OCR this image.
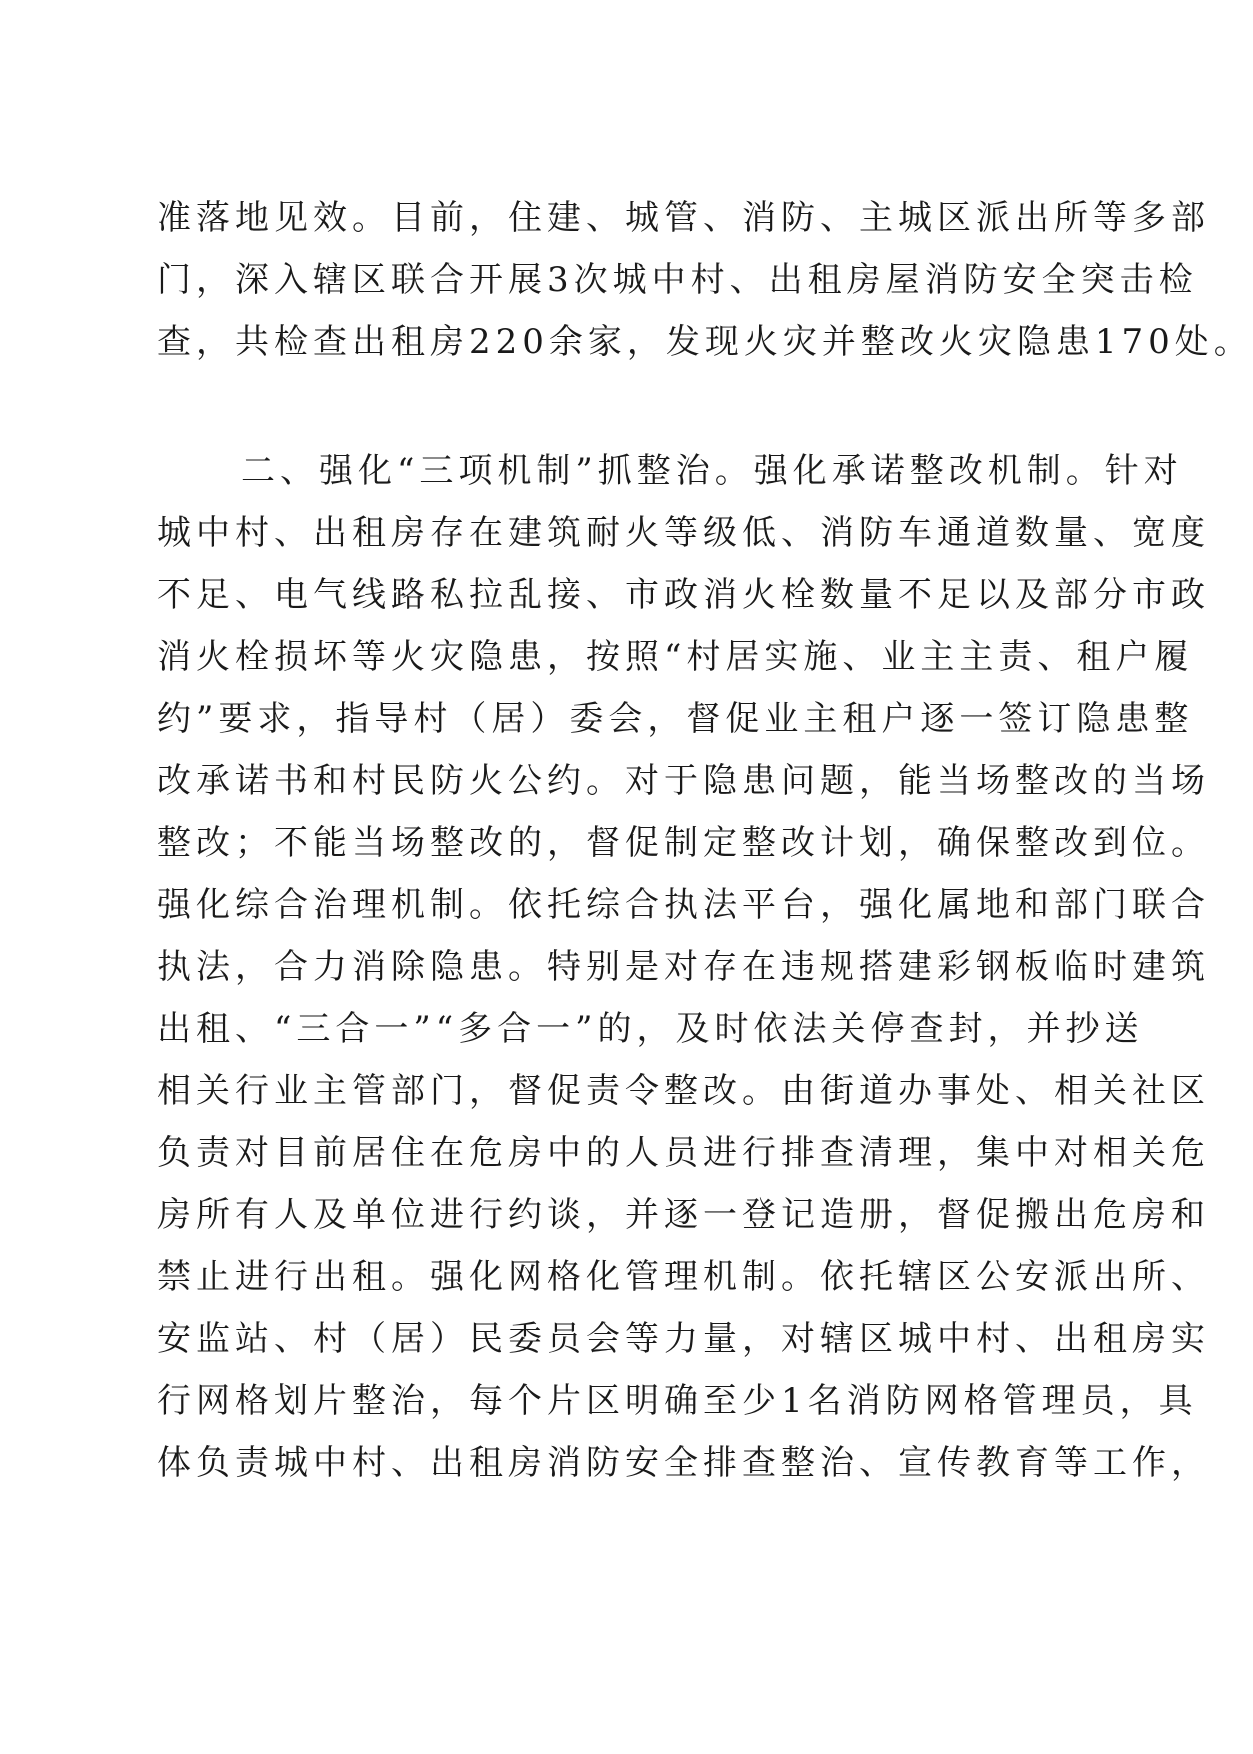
准落地见效。目前，住建、城管、消防、主城区派出所等多部
门，深入辖区联合开展3次城中村、出租房屋消防安全突击检
查，共检查出租房220余家，发现火灾并整改火灾隐患170处。
二、强化“三项机制”抓整治。强化承诺整改机制。针对
城中村、出租房存在建筑耐火等级低、消防车通道数量、宽度
不足、电气线路私拉乱接、市政消火栓数量不足以及部分市政
消火栓损坏等火灾隐患，按照“村居实施、业主主责、租户履
约”要求，指导村（居）委会，督促业主租户逐一签订隐患整
改承诺书和村民防火公约。对于隐患问题，能当场整改的当场
整改；不能当场整改的，督促制定整改计划，确保整改到位。
强化综合治理机制。依托综合执法平台，强化属地和部门联合
执法，合力消除隐患。特别是对存在违规搭建彩钢板临时建筑
出租、“三合一”“多合一”的，及时依法关停查封，并抄送
相关行业主管部门，督促责令整改。由街道办事处、相关社区
负责对目前居住在危房中的人员进行排查清理，集中对相关危
房所有人及单位进行约谈，并逐一登记造册，督促搬出危房和
禁止进行出租。强化网格化管理机制。依托辖区公安派出所、
安监站、村（居）民委员会等力量，对辖区城中村、出租房实
行网格划片整治，每个片区明确至少1名消防网格管理员，具
体负责城中村、出租房消防安全排查整治、宣传教育等工作，
